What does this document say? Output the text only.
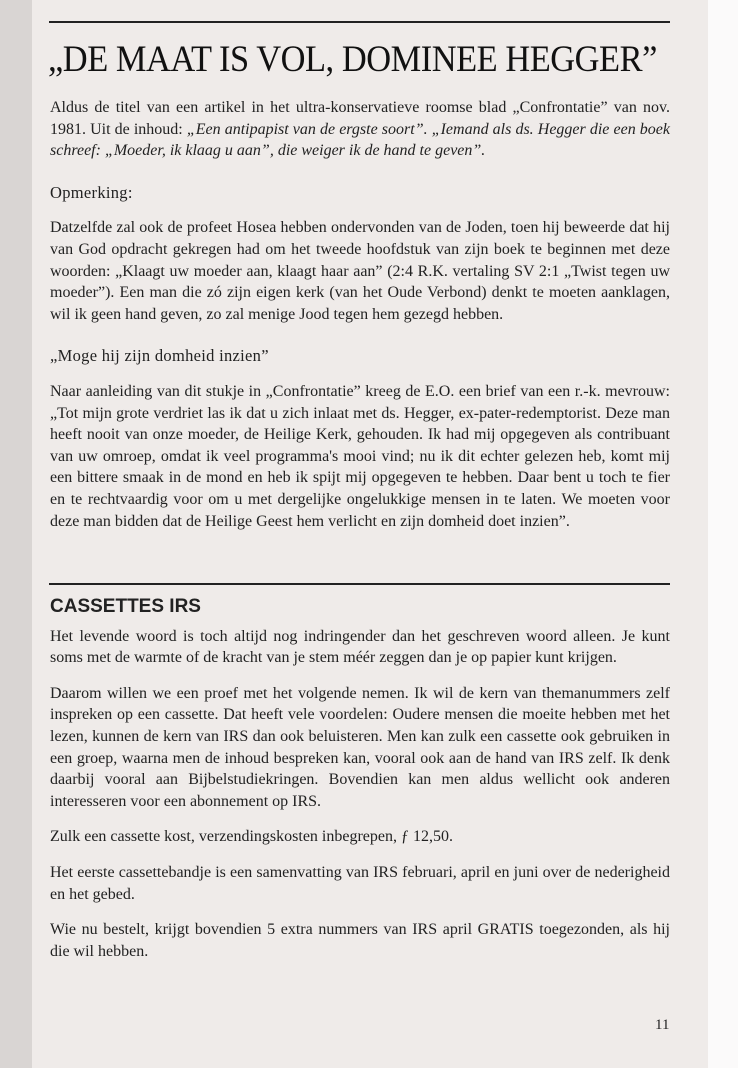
„DE MAAT IS VOL, DOMINEE HEGGER”

Aldus de titel van een artikel in het ultra-konservatieve roomse blad „Confrontatie” van nov. 1981. Uit de inhoud: „Een antipapist van de ergste soort”. „Iemand als ds. Hegger die een boek schreef: „Moeder, ik klaag u aan”, die weiger ik de hand te geven”.

Opmerking:

Datzelfde zal ook de profeet Hosea hebben ondervonden van de Joden, toen hij beweerde dat hij van God opdracht gekregen had om het tweede hoofdstuk van zijn boek te beginnen met deze woorden: „Klaagt uw moeder aan, klaagt haar aan” (2:4 R.K. vertaling SV 2:1 „Twist tegen uw moeder”). Een man die zó zijn eigen kerk (van het Oude Verbond) denkt te moeten aanklagen, wil ik geen hand geven, zo zal menige Jood tegen hem gezegd hebben.

„Moge hij zijn domheid inzien”

Naar aanleiding van dit stukje in „Confrontatie” kreeg de E.O. een brief van een r.-k. mevrouw: „Tot mijn grote verdriet las ik dat u zich inlaat met ds. Hegger, ex-pater-redemptorist. Deze man heeft nooit van onze moeder, de Heilige Kerk, gehouden. Ik had mij opgegeven als contribuant van uw omroep, omdat ik veel programma's mooi vind; nu ik dit echter gelezen heb, komt mij een bittere smaak in de mond en heb ik spijt mij opgegeven te hebben. Daar bent u toch te fier en te rechtvaardig voor om u met dergelijke ongelukkige mensen in te laten. We moeten voor deze man bidden dat de Heilige Geest hem verlicht en zijn domheid doet inzien”.

CASSETTES IRS

Het levende woord is toch altijd nog indringender dan het geschreven woord alleen. Je kunt soms met de warmte of de kracht van je stem méér zeggen dan je op papier kunt krijgen.

Daarom willen we een proef met het volgende nemen. Ik wil de kern van themanummers zelf inspreken op een cassette. Dat heeft vele voordelen: Oudere mensen die moeite hebben met het lezen, kunnen de kern van IRS dan ook beluisteren. Men kan zulk een cassette ook gebruiken in een groep, waarna men de inhoud bespreken kan, vooral ook aan de hand van IRS zelf. Ik denk daarbij vooral aan Bijbelstudiekringen. Bovendien kan men aldus wellicht ook anderen interesseren voor een abonnement op IRS.

Zulk een cassette kost, verzendingskosten inbegrepen, ƒ 12,50.

Het eerste cassettebandje is een samenvatting van IRS februari, april en juni over de nederigheid en het gebed.

Wie nu bestelt, krijgt bovendien 5 extra nummers van IRS april GRATIS toegezonden, als hij die wil hebben.

11
